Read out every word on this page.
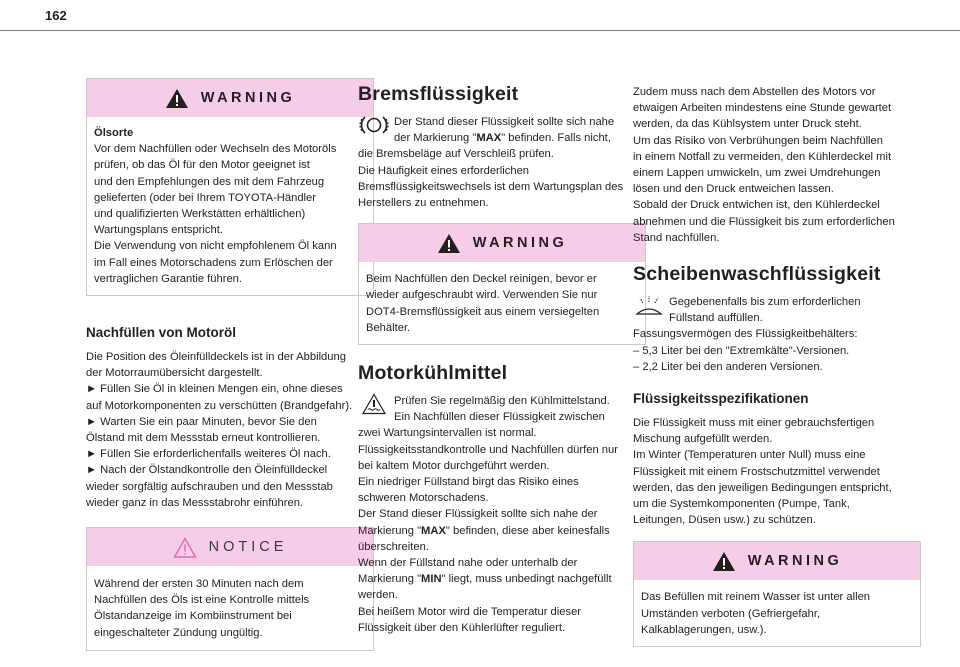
162
WARNING

Ölsorte

Vor dem Nachfüllen oder Wechseln des Motoröls
prüfen, ob das Öl für den Motor geeignet ist
und den Empfehlungen des mit dem Fahrzeug
gelieferten (oder bei Ihrem TOYOTA-Händler
und qualifizierten Werkstätten erhältlichen)
Wartungsplans entspricht.
Die Verwendung von nicht empfohlenem Öl kann
im Fall eines Motorschadens zum Erlöschen der
vertraglichen Garantie führen.
Nachfüllen von Motoröl
Die Position des Öleinfülldeckels ist in der Abbildung
der Motorraumübersicht dargestellt.
► Füllen Sie Öl in kleinen Mengen ein, ohne dieses
auf Motorkomponenten zu verschütten (Brandgefahr).
► Warten Sie ein paar Minuten, bevor Sie den
Ölstand mit dem Messstab erneut kontrollieren.
► Füllen Sie erforderlichenfalls weiteres Öl nach.
► Nach der Ölstandkontrolle den Öleinfülldeckel
wieder sorgfältig aufschrauben und den Messstab
wieder ganz in das Messstabrohr einführen.
NOTICE
Während der ersten 30 Minuten nach dem
Nachfüllen des Öls ist eine Kontrolle mittels
Ölstandanzeige im Kombiinstrument bei
eingeschalteter Zündung ungültig.
Bremsflüssigkeit
Der Stand dieser Flüssigkeit sollte sich nahe
der Markierung "MAX" befinden. Falls nicht,
die Bremsbeläge auf Verschleiß prüfen.
Die Häufigkeit eines erforderlichen
Bremsflüssigkeitswechsels ist dem Wartungsplan des
Herstellers zu entnehmen.
WARNING
Beim Nachfüllen den Deckel reinigen, bevor er
wieder aufgeschraubt wird. Verwenden Sie nur
DOT4-Bremsflüssigkeit aus einem versiegelten
Behälter.
Motorkühlmittel
Prüfen Sie regelmäßig den Kühlmittelstand.
Ein Nachfüllen dieser Flüssigkeit zwischen
zwei Wartungsintervallen ist normal.
Flüssigkeitsstandkontrolle und Nachfüllen dürfen nur
bei kaltem Motor durchgeführt werden.
Ein niedriger Füllstand birgt das Risiko eines
schweren Motorschadens.
Der Stand dieser Flüssigkeit sollte sich nahe der
Markierung "MAX" befinden, diese aber keinesfalls
überschreiten.
Wenn der Füllstand nahe oder unterhalb der
Markierung "MIN" liegt, muss unbedingt nachgefüllt
werden.
Bei heißem Motor wird die Temperatur dieser
Flüssigkeit über den Kühlerlüfter reguliert.
Zudem muss nach dem Abstellen des Motors vor
etwaigen Arbeiten mindestens eine Stunde gewartet
werden, da das Kühlsystem unter Druck steht.
Um das Risiko von Verbrühungen beim Nachfüllen
in einem Notfall zu vermeiden, den Kühlerdeckel mit
einem Lappen umwickeln, um zwei Umdrehungen
lösen und den Druck entweichen lassen.
Sobald der Druck entwichen ist, den Kühlerdeckel
abnehmen und die Flüssigkeit bis zum erforderlichen
Stand nachfüllen.
Scheibenwaschflüssigkeit
Gegebenenfalls bis zum erforderlichen
Füllstand auffüllen.
Fassungsvermögen des Flüssigkeitbehälters:
– 5,3 Liter bei den "Extremkälte"-Versionen.
– 2,2 Liter bei den anderen Versionen.
Flüssigkeitsspezifikationen
Die Flüssigkeit muss mit einer gebrauchsfertigen
Mischung aufgefüllt werden.
Im Winter (Temperaturen unter Null) muss eine
Flüssigkeit mit einem Frostschutzmittel verwendet
werden, das den jeweiligen Bedingungen entspricht,
um die Systemkomponenten (Pumpe, Tank,
Leitungen, Düsen usw.) zu schützen.
WARNING
Das Befüllen mit reinem Wasser ist unter allen
Umständen verboten (Gefriergefahr,
Kalkablagerungen, usw.).
